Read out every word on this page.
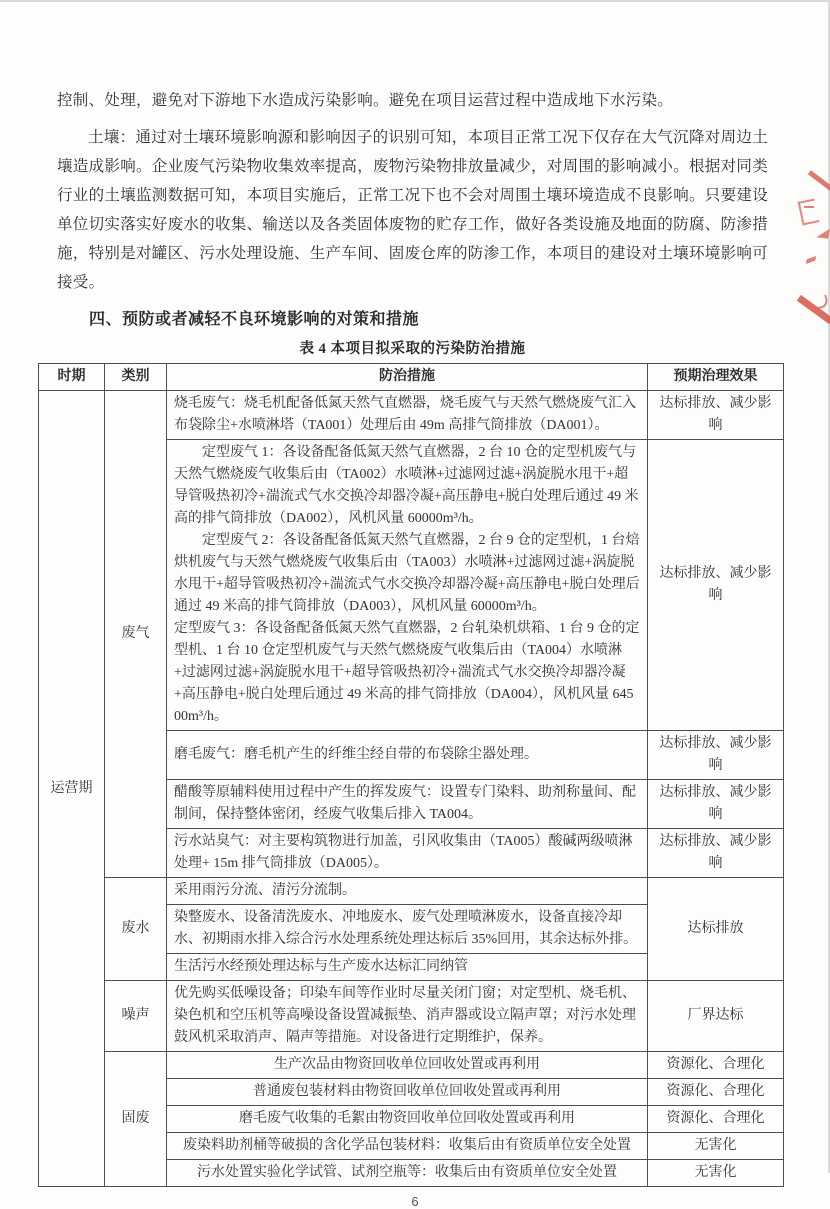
控制、处理，避免对下游地下水造成污染影响。避免在项目运营过程中造成地下水污染。

土壤：通过对土壤环境影响源和影响因子的识别可知，本项目正常工况下仅存在大气沉降对周边土壤造成影响。企业废气污染物收集效率提高，废物污染物排放量减少，对周围的影响减小。根据对同类行业的土壤监测数据可知，本项目实施后，正常工况下也不会对周围土壤环境造成不良影响。只要建设单位切实落实好废水的收集、输送以及各类固体废物的贮存工作，做好各类设施及地面的防腐、防渗措施，特别是对罐区、污水处理设施、生产车间、固废仓库的防渗工作，本项目的建设对土壤环境影响可接受。

四、预防或者减轻不良环境影响的对策和措施
表 4 本项目拟采取的污染防治措施
时期	类别	防治措施	预期治理效果
运营期	废气	烧毛废气：烧毛机配备低氮天然气直燃器，烧毛废气与天然气燃烧废气汇入布袋除尘+水喷淋塔（TA001）处理后由 49m 高排气筒排放（DA001）。	达标排放、减少影响

		定型废气 1：各设备配备低氮天然气直燃器，2 台 10 仓的定型机废气与天然气燃烧废气收集后由（TA002）水喷淋+过滤网过滤+涡旋脱水甩干+超导管吸热初冷+湍流式气水交换冷却器冷凝+高压静电+脱白处理后通过 49 米高的排气筒排放（DA002），风机风量 60000m³/h。

定型废气 2：各设备配备低氮天然气直燃器，2 台 9 仓的定型机，1 台焙烘机废气与天然气燃烧废气收集后由（TA003）水喷淋+过滤网过滤+涡旋脱水甩干+超导管吸热初冷+湍流式气水交换冷却器冷凝+高压静电+脱白处理后通过 49 米高的排气筒排放（DA003），风机风量 60000m³/h。

定型废气 3：各设备配备低氮天然气直燃器，2 台轧染机烘箱、1 台 9 仓的定型机、1 台 10 仓定型机废气与天然气燃烧废气收集后由（TA004）水喷淋+过滤网过滤+涡旋脱水甩干+超导管吸热初冷+湍流式气水交换冷却器冷凝+高压静电+脱白处理后通过 49 米高的排气筒排放（DA004），风机风量 64500m³/h。	达标排放、减少影响
		磨毛废气：磨毛机产生的纤维尘经自带的布袋除尘器处理。	达标排放、减少影响
		醋酸等原辅料使用过程中产生的挥发废气：设置专门染料、助剂称量间、配制间，保持整体密闭，经废气收集后排入 TA004。	达标排放、减少影响
		污水站臭气：对主要构筑物进行加盖，引风收集由（TA005）酸碱两级喷淋处理+ 15m 排气筒排放（DA005）。	达标排放、减少影响
	废水	采用雨污分流、清污分流制。	达标排放
		染整废水、设备清洗废水、冲地废水、废气处理喷淋废水，设备直接冷却水、初期雨水排入综合污水处理系统处理达标后 35%回用，其余达标外排。	
		生活污水经预处理达标与生产废水达标汇同纳管	
	噪声	优先购买低噪设备；印染车间等作业时尽量关闭门窗；对定型机、烧毛机、染色机和空压机等高噪设备设置减振垫、消声器或设立隔声罩；对污水处理鼓风机采取消声、隔声等措施。对设备进行定期维护，保养。	厂界达标
	固废	生产次品由物资回收单位回收处置或再利用	资源化、合理化
		普通废包装材料由物资回收单位回收处置或再利用	资源化、合理化
		磨毛废气收集的毛絮由物资回收单位回收处置或再利用	资源化、合理化
		废染料助剂桶等破损的含化学品包装材料：收集后由有资质单位安全处置	无害化
		污水处置实验化学试管、试剂空瓶等：收集后由有资质单位安全处置	无害化
6
